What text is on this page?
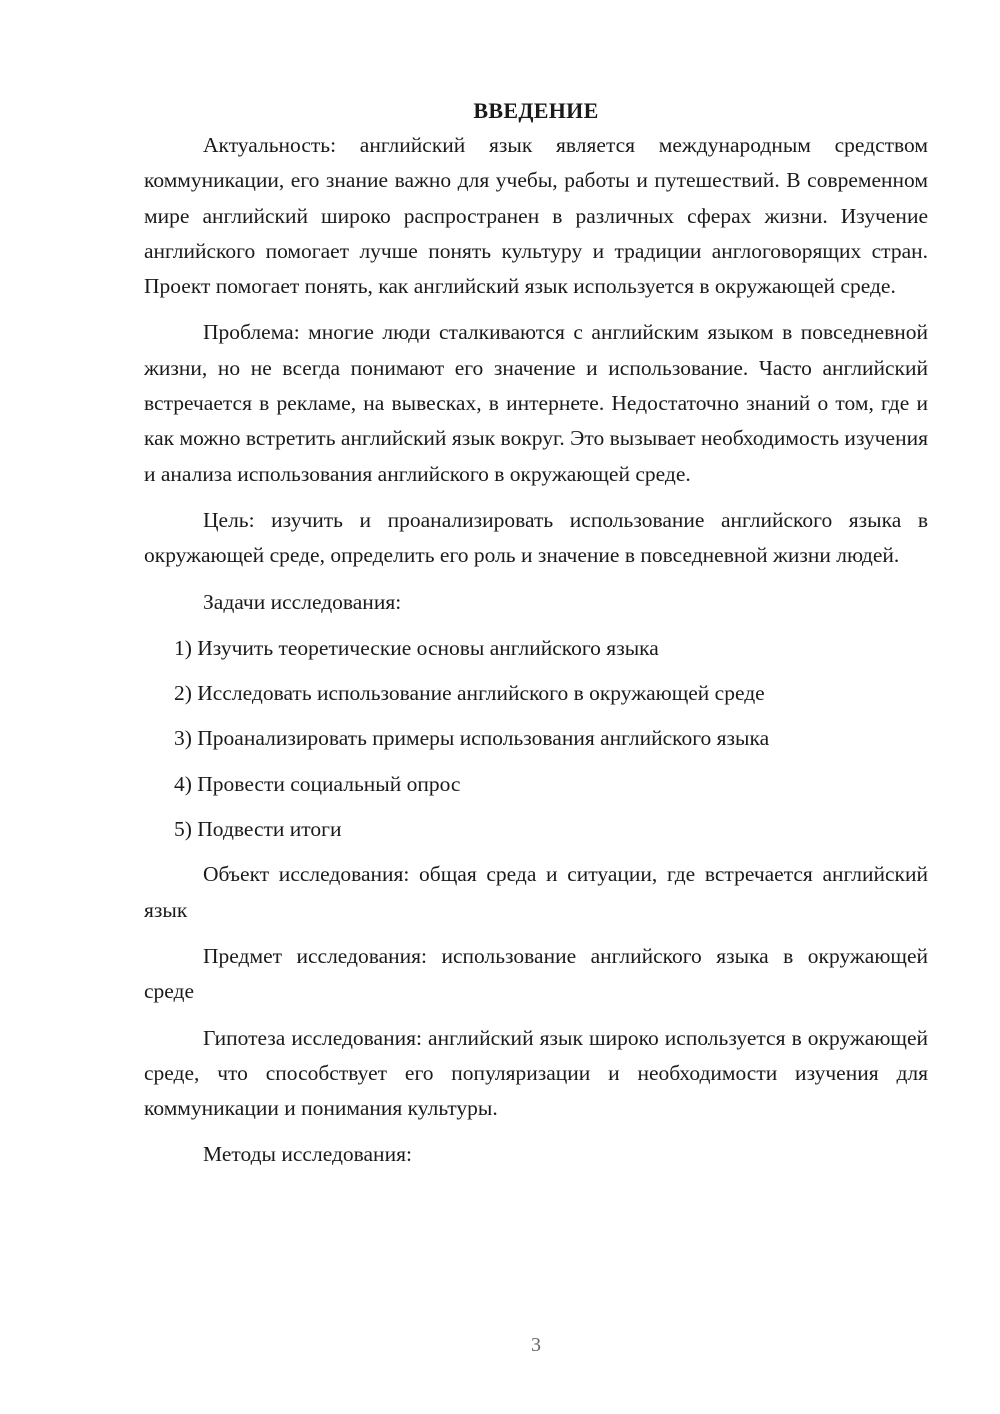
ВВЕДЕНИЕ

Актуальность: английский язык является международным средством коммуникации, его знание важно для учебы, работы и путешествий. В современном мире английский широко распространен в различных сферах жизни. Изучение английского помогает лучше понять культуру и традиции англоговорящих стран. Проект помогает понять, как английский язык используется в окружающей среде.

Проблема: многие люди сталкиваются с английским языком в повседневной жизни, но не всегда понимают его значение и использование. Часто английский встречается в рекламе, на вывесках, в интернете. Недостаточно знаний о том, где и как можно встретить английский язык вокруг. Это вызывает необходимость изучения и анализа использования английского в окружающей среде.

Цель: изучить и проанализировать использование английского языка в окружающей среде, определить его роль и значение в повседневной жизни людей.

Задачи исследования:

1) Изучить теоретические основы английского языка
2) Исследовать использование английского в окружающей среде
3) Проанализировать примеры использования английского языка
4) Провести социальный опрос
5) Подвести итоги

Объект исследования: общая среда и ситуации, где встречается английский язык

Предмет исследования: использование английского языка в окружающей среде

Гипотеза исследования: английский язык широко используется в окружающей среде, что способствует его популяризации и необходимости изучения для коммуникации и понимания культуры.

Методы исследования:

3
